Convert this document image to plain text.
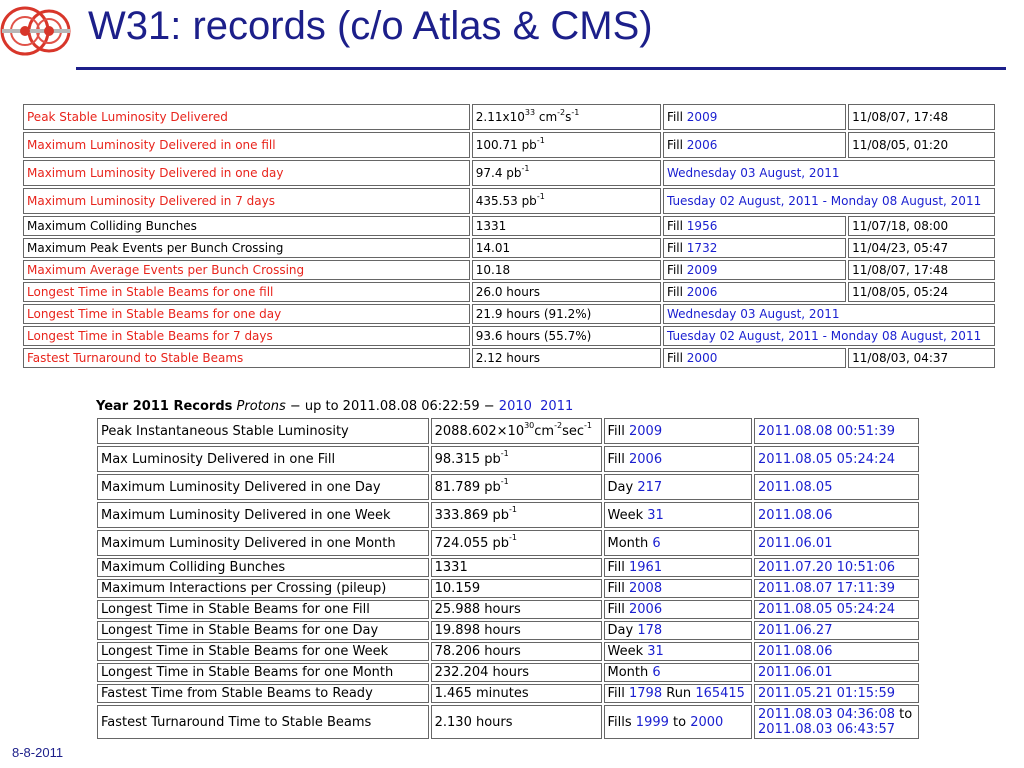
W31: records (c/o Atlas & CMS)
Peak Stable Luminosity Delivered	$2.11x10^{33}$ $cm^{-2}s^{-1}$	Fill 2009	11/08/07, 17:48
Maximum Luminosity Delivered in one fill	100.71 $pb^{-1}$	Fill 2006	11/08/05, 01:20
Maximum Luminosity Delivered in one day	97.4 $pb^{-1}$	Wednesday 03 August, 2011	
Maximum Luminosity Delivered in 7 days	435.53 $pb^{-1}$	Tuesday 02 August, 2011 - Monday 08 August, 2011	
Maximum Colliding Bunches	1331	Fill 1956	11/07/18, 08:00
Maximum Peak Events per Bunch Crossing	14.01	Fill 1732	11/04/23, 05:47
Maximum Average Events per Bunch Crossing	10.18	Fill 2009	11/08/07, 17:48
Longest Time in Stable Beams for one fill	26.0 hours	Fill 2006	11/08/05, 05:24
Longest Time in Stable Beams for one day	21.9 hours (91.2%)	Wednesday 03 August, 2011	
Longest Time in Stable Beams for 7 days	93.6 hours (55.7%)	Tuesday 02 August, 2011 - Monday 08 August, 2011	
Fastest Turnaround to Stable Beams	2.12 hours	Fill 2000	11/08/03, 04:37
Year 2011 Records Protons − up to 2011.08.08 06:22:59 − 2010 2011
Peak Instantaneous Stable Luminosity	$2088.602\times 10^{30}cm^{-2}\sec^{-1}$	Fill 2009	2011.08.08 00:51:39
Max Luminosity Delivered in one Fill	98.315 $pb^{-1}$	Fill 2006	2011.08.05 05:24:24
Maximum Luminosity Delivered in one Day	81.789 $pb^{-1}$	Day 217	2011.08.05
Maximum Luminosity Delivered in one Week	333.869 $pb^{-1}$	Week 31	2011.08.06
Maximum Luminosity Delivered in one Month	724.055 $pb^{-1}$	Month 6	2011.06.01
Maximum Colliding Bunches	1331	Fill 1961	2011.07.20 10:51:06
Maximum Interactions per Crossing (pileup)	10.159	Fill 2008	2011.08.07 17:11:39
Longest Time in Stable Beams for one Fill	25.988 hours	Fill 2006	2011.08.05 05:24:24
Longest Time in Stable Beams for one Day	19.898 hours	Day 178	2011.06.27
Longest Time in Stable Beams for one Week	78.206 hours	Week 31	2011.08.06
Longest Time in Stable Beams for one Month	232.204 hours	Month 6	2011.06.01
Fastest Time from Stable Beams to Ready	1.465 minutes	Fill 1798 Run 165415	2011.05.21 01:15:59
Fastest Turnaround Time to Stable Beams	2.130 hours	Fills 1999 to 2000	2011.08.03 04:36:08 to
2011.08.03 06:43:57
8-8-2011
